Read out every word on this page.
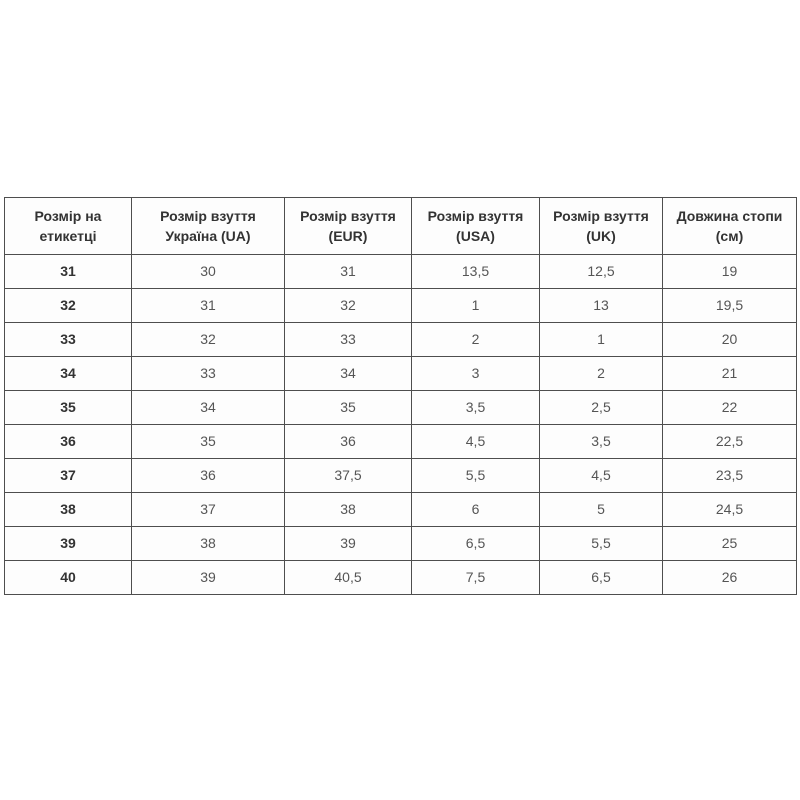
Розмір на етикетці	Розмір взуття Україна (UA)	Розмір взуття (EUR)	Розмір взуття (USA)	Розмір взуття (UK)	Довжина стопи (см)
31	30	31	13,5	12,5	19
32	31	32	1	13	19,5
33	32	33	2	1	20
34	33	34	3	2	21
35	34	35	3,5	2,5	22
36	35	36	4,5	3,5	22,5
37	36	37,5	5,5	4,5	23,5
38	37	38	6	5	24,5
39	38	39	6,5	5,5	25
40	39	40,5	7,5	6,5	26
